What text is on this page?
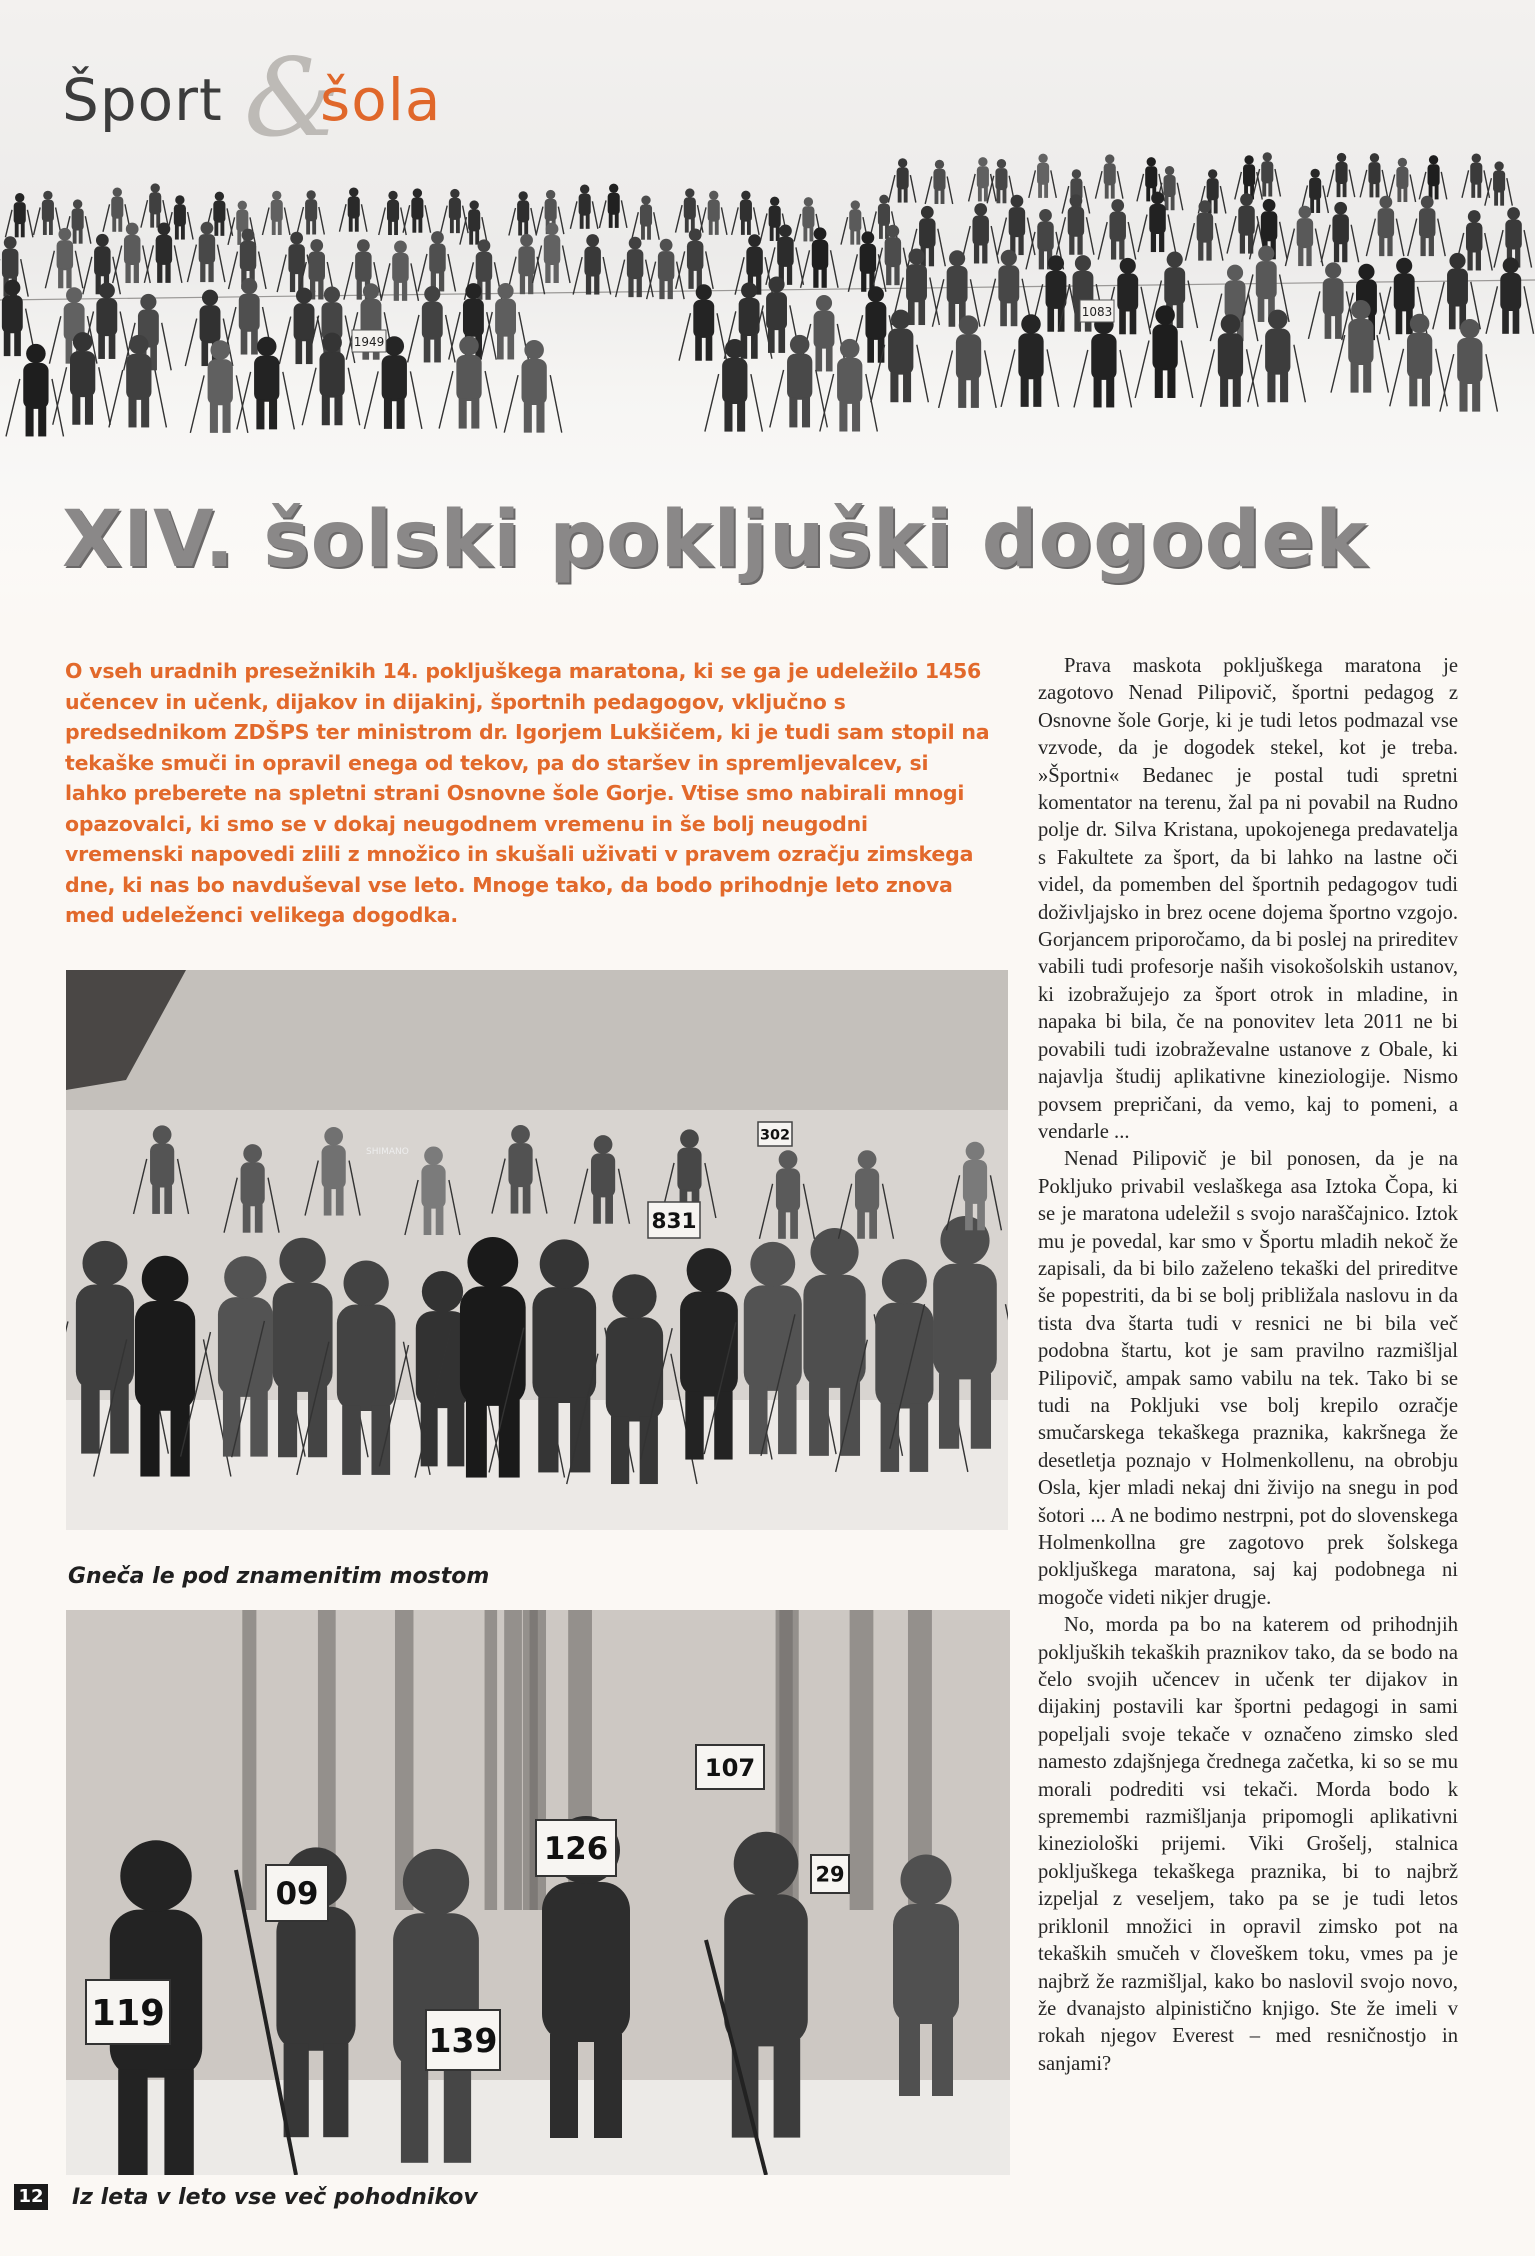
1949
1083
Šport &
šola
XIV. šolski pokljuški dogodek
O vseh uradnih presežnikih 14. pokljuškega maratona, ki se ga je udeležilo 1456 učencev in učenk, dijakov in dijakinj, športnih pedagogov, vključno s predsednikom ZDŠPS ter ministrom dr. Igorjem Lukšičem, ki je tudi sam stopil na tekaške smuči in opravil enega od tekov, pa do staršev in spremljevalcev, si lahko preberete na spletni strani Osnovne šole Gorje. Vtise smo nabirali mnogi opazovalci, ki smo se v dokaj neugodnem vremenu in še bolj neugodni vremenski napovedi zlili z množico in skušali uživati v pravem ozračju zimskega dne, ki nas bo navduševal vse leto. Mnoge tako, da bodo prihodnje leto znova med udeleženci velikega dogodka.
831
302
SHIMANO
Gneča le pod znamenitim mostom
107
09
126
119
139
29
12 Iz leta v leto vse več pohodnikov

Prava maskota pokljuškega maratona je zagotovo Nenad Pilipovič, športni pedagog z Osnovne šole Gorje, ki je tudi letos podmazal vse vzvode, da je dogodek stekel, kot je treba. »Športni« Bedanec je postal tudi spretni komentator na terenu, žal pa ni povabil na Rudno polje dr. Silva Kristana, upokojenega predavatelja s Fakultete za šport, da bi lahko na lastne oči videl, da pomemben del športnih pedagogov tudi doživljajsko in brez ocene dojema športno vzgojo. Gorjancem priporočamo, da bi poslej na prireditev vabili tudi profesorje naših visokošolskih ustanov, ki izobražujejo za šport otrok in mladine, in napaka bi bila, če na ponovitev leta 2011 ne bi povabili tudi izobraževalne ustanove z Obale, ki najavlja študij aplikativne kineziologije. Nismo povsem prepričani, da vemo, kaj to pomeni, a vendarle ...

Nenad Pilipovič je bil ponosen, da je na Pokljuko privabil veslaškega asa Iztoka Čopa, ki se je maratona udeležil s svojo naraščajnico. Iztok mu je povedal, kar smo v Športu mladih nekoč že zapisali, da bi bilo zaželeno tekaški del prireditve še popestriti, da bi se bolj približala naslovu in da tista dva štarta tudi v resnici ne bi bila več podobna štartu, kot je sam pravilno razmišljal Pilipovič, ampak samo vabilu na tek. Tako bi se tudi na Pokljuki vse bolj krepilo ozračje smučarskega tekaškega praznika, kakršnega že desetletja poznajo v Holmenkollenu, na obrobju Osla, kjer mladi nekaj dni živijo na snegu in pod šotori ... A ne bodimo nestrpni, pot do slovenskega Holmenkollna gre zagotovo prek šolskega pokljuškega maratona, saj kaj podobnega ni mogoče videti nikjer drugje.

No, morda pa bo na katerem od prihodnjih pokljuških tekaških praznikov tako, da se bodo na čelo svojih učencev in učenk ter dijakov in dijakinj postavili kar športni pedagogi in sami popeljali svoje tekače v označeno zimsko sled namesto zdajšnjega črednega začetka, ki so se mu morali podrediti vsi tekači. Morda bodo k spremembi razmišljanja pripomogli aplikativni kineziološki prijemi. Viki Grošelj, stalnica pokljuškega tekaškega praznika, bi to najbrž izpeljal z veseljem, tako pa se je tudi letos priklonil množici in opravil zimsko pot na tekaških smučeh v človeškem toku, vmes pa je najbrž že razmišljal, kako bo naslovil svojo novo, že dvanajsto alpinistično knjigo. Ste že imeli v rokah njegov Everest – med resničnostjo in sanjami?
